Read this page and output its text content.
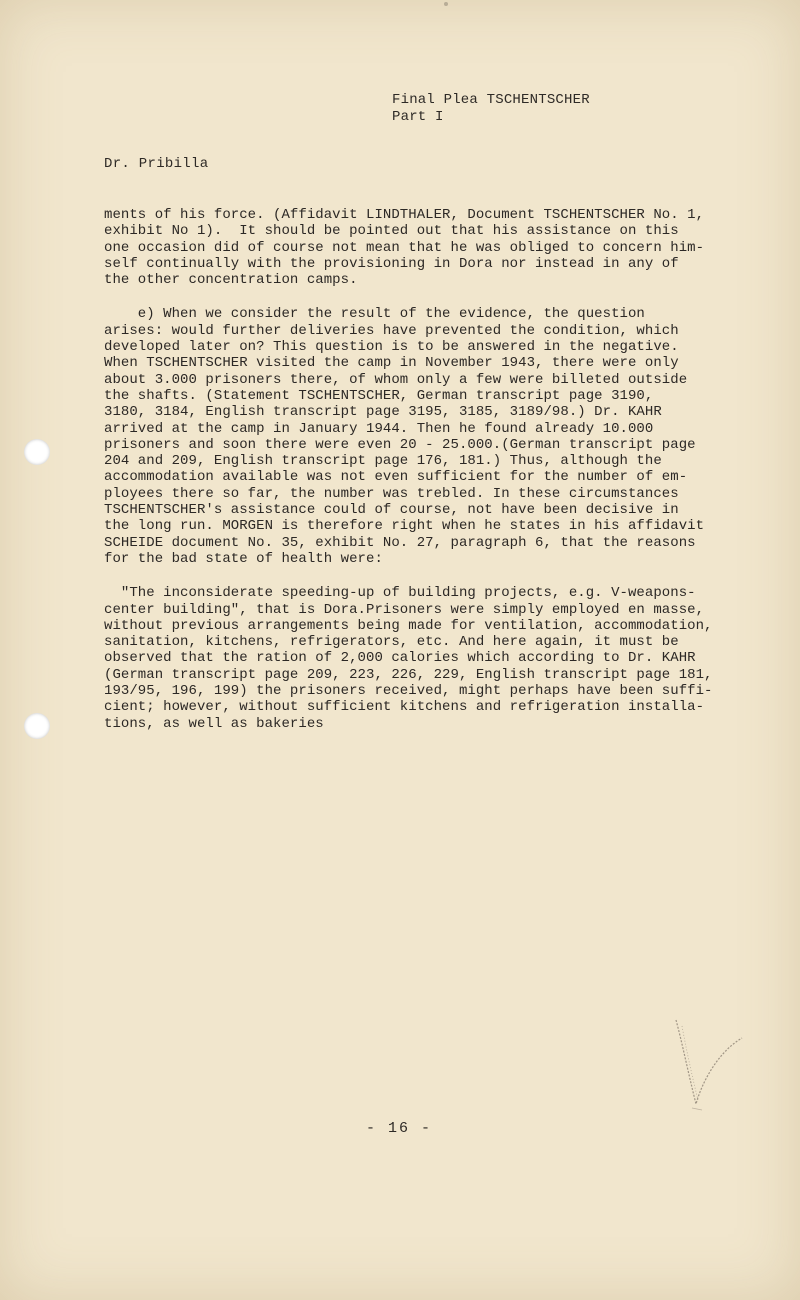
Final Plea TSCHENTSCHER
Part I
Dr. Pribilla
ments of his force. (Affidavit LINDTHALER, Document TSCHENTSCHER No. 1,
exhibit No 1).  It should be pointed out that his assistance on this
one occasion did of course not mean that he was obliged to concern him-
self continually with the provisioning in Dora nor instead in any of
the other concentration camps.
e) When we consider the result of the evidence, the question
arises: would further deliveries have prevented the condition, which
developed later on? This question is to be answered in the negative.
When TSCHENTSCHER visited the camp in November 1943, there were only
about 3.000 prisoners there, of whom only a few were billeted outside
the shafts. (Statement TSCHENTSCHER, German transcript page 3190,
3180, 3184, English transcript page 3195, 3185, 3189/98.) Dr. KAHR
arrived at the camp in January 1944. Then he found already 10.000
prisoners and soon there were even 20 - 25.000.(German transcript page
204 and 209, English transcript page 176, 181.) Thus, although the
accommodation available was not even sufficient for the number of em-
ployees there so far, the number was trebled. In these circumstances
TSCHENTSCHER's assistance could of course, not have been decisive in
the long run. MORGEN is therefore right when he states in his affidavit
SCHEIDE document No. 35, exhibit No. 27, paragraph 6, that the reasons
for the bad state of health were:
"The inconsiderate speeding-up of building projects, e.g. V-weapons-
center building", that is Dora.Prisoners were simply employed en masse,
without previous arrangements being made for ventilation, accommodation,
sanitation, kitchens, refrigerators, etc. And here again, it must be
observed that the ration of 2,000 calories which according to Dr. KAHR
(German transcript page 209, 223, 226, 229, English transcript page 181,
193/95, 196, 199) the prisoners received, might perhaps have been suffi-
cient; however, without sufficient kitchens and refrigeration installa-
tions, as well as bakeries
- 16 -
